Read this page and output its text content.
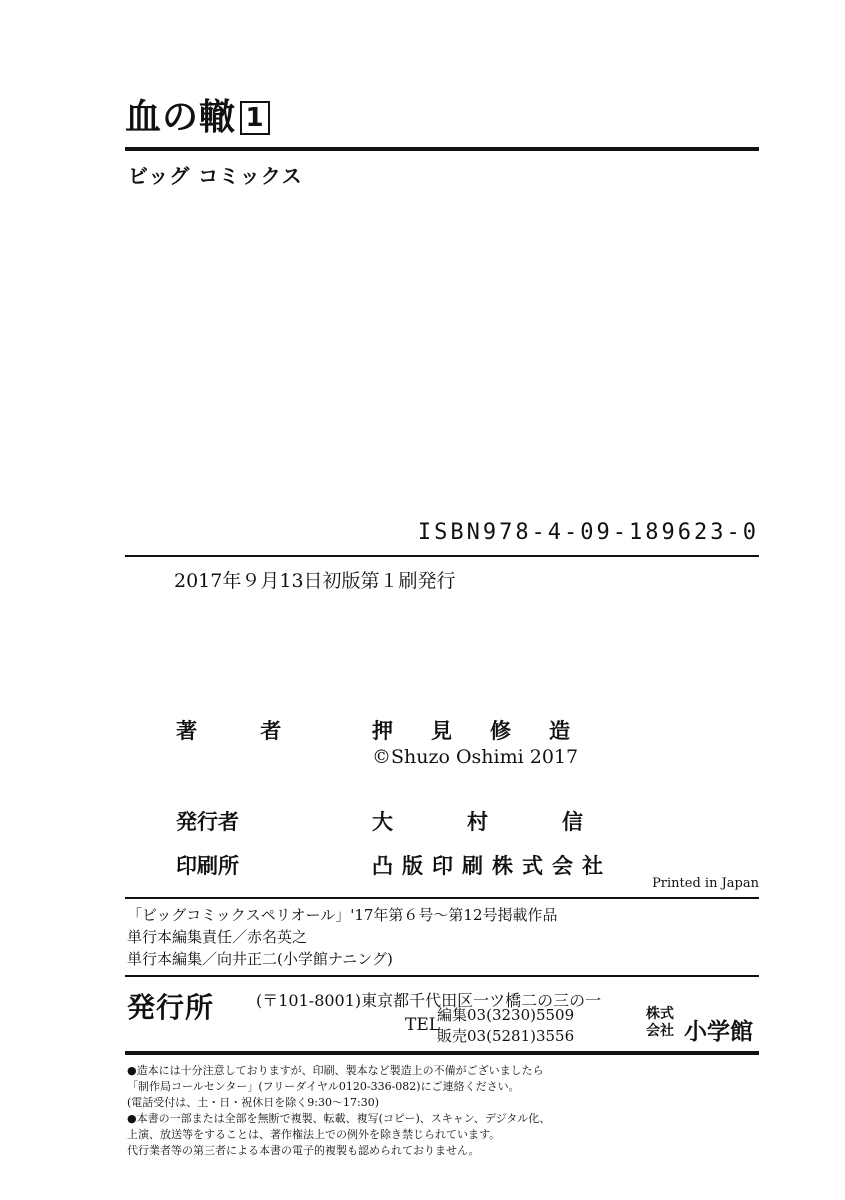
血の轍 1
ビッグ コミックス
ISBN978-4-09-189623-0
2017年９月13日初版第１刷発行
著 者	押見修造
©Shuzo Oshimi 2017
発行者	大村信
印刷所	凸版印刷株式会社
Printed in Japan
「ビッグコミックスペリオール」'17年第６号〜第12号掲載作品
単行本編集責任／赤名英之
単行本編集／向井正二(小学館ナニング)
発行所	(〒101-8001)東京都千代田区一ツ橋二の三の一
TEL
編集03(3230)5509
販売03(5281)3556
株式
会社 小学館
●造本には十分注意しておりますが、印刷、製本など製造上の不備がございましたら
「制作局コールセンター」(フリーダイヤル0120-336-082)にご連絡ください。
(電話受付は、土・日・祝休日を除く9:30〜17:30)
●本書の一部または全部を無断で複製、転載、複写(コピー)、スキャン、デジタル化、
上演、放送等をすることは、著作権法上での例外を除き禁じられています。
代行業者等の第三者による本書の電子的複製も認められておりません。
